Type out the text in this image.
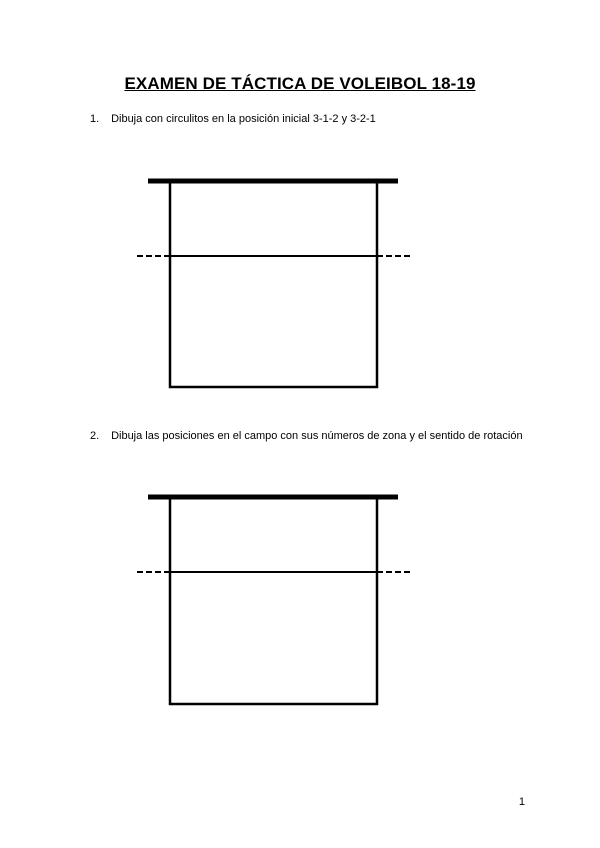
EXAMEN DE TÁCTICA DE VOLEIBOL 18-19
1. Dibuja con circulitos en la posición inicial 3-1-2 y 3-2-1
2. Dibuja las posiciones en el campo con sus números de zona y el sentido de rotación
1
